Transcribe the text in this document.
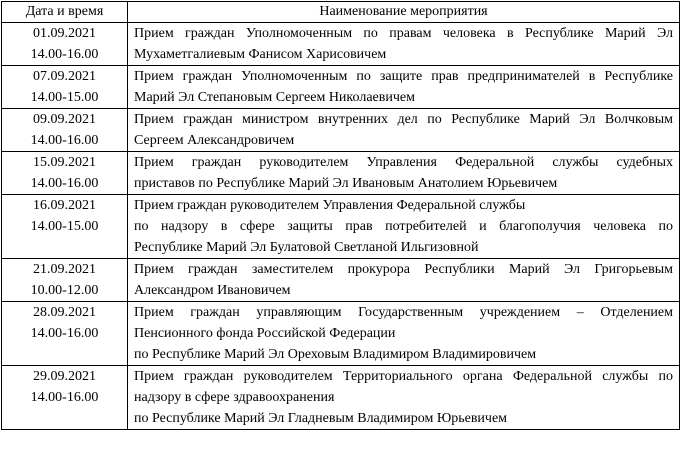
Дата и время	Наименование мероприятия

01.09.2021
14.00-16.00	Прием граждан Уполномоченным по правам человека в Республике Марий Эл
Мухаметгалиевым Фанисом Харисовичем

07.09.2021
14.00-15.00	Прием граждан Уполномоченным по защите прав предпринимателей в Республике
Марий Эл Степановым Сергеем Николаевичем

09.09.2021
14.00-16.00	Прием граждан министром внутренних дел по Республике Марий Эл Волчковым
Сергеем Александровичем

15.09.2021
14.00-16.00	Прием граждан руководителем Управления Федеральной службы судебных
приставов по Республике Марий Эл Ивановым Анатолием Юрьевичем

16.09.2021
14.00-15.00	Прием граждан руководителем Управления Федеральной службы
по надзору в сфере защиты прав потребителей и благополучия человека по
Республике Марий Эл Булатовой Светланой Ильгизовной

21.09.2021
10.00-12.00	Прием граждан заместителем прокурора Республики Марий Эл Григорьевым
Александром Ивановичем

28.09.2021
14.00-16.00	Прием граждан управляющим Государственным учреждением – Отделением
Пенсионного фонда Российской Федерации
по Республике Марий Эл Ореховым Владимиром Владимировичем

29.09.2021
14.00-16.00	Прием граждан руководителем Территориального органа Федеральной службы по
надзору в сфере здравоохранения
по Республике Марий Эл Гладневым Владимиром Юрьевичем
